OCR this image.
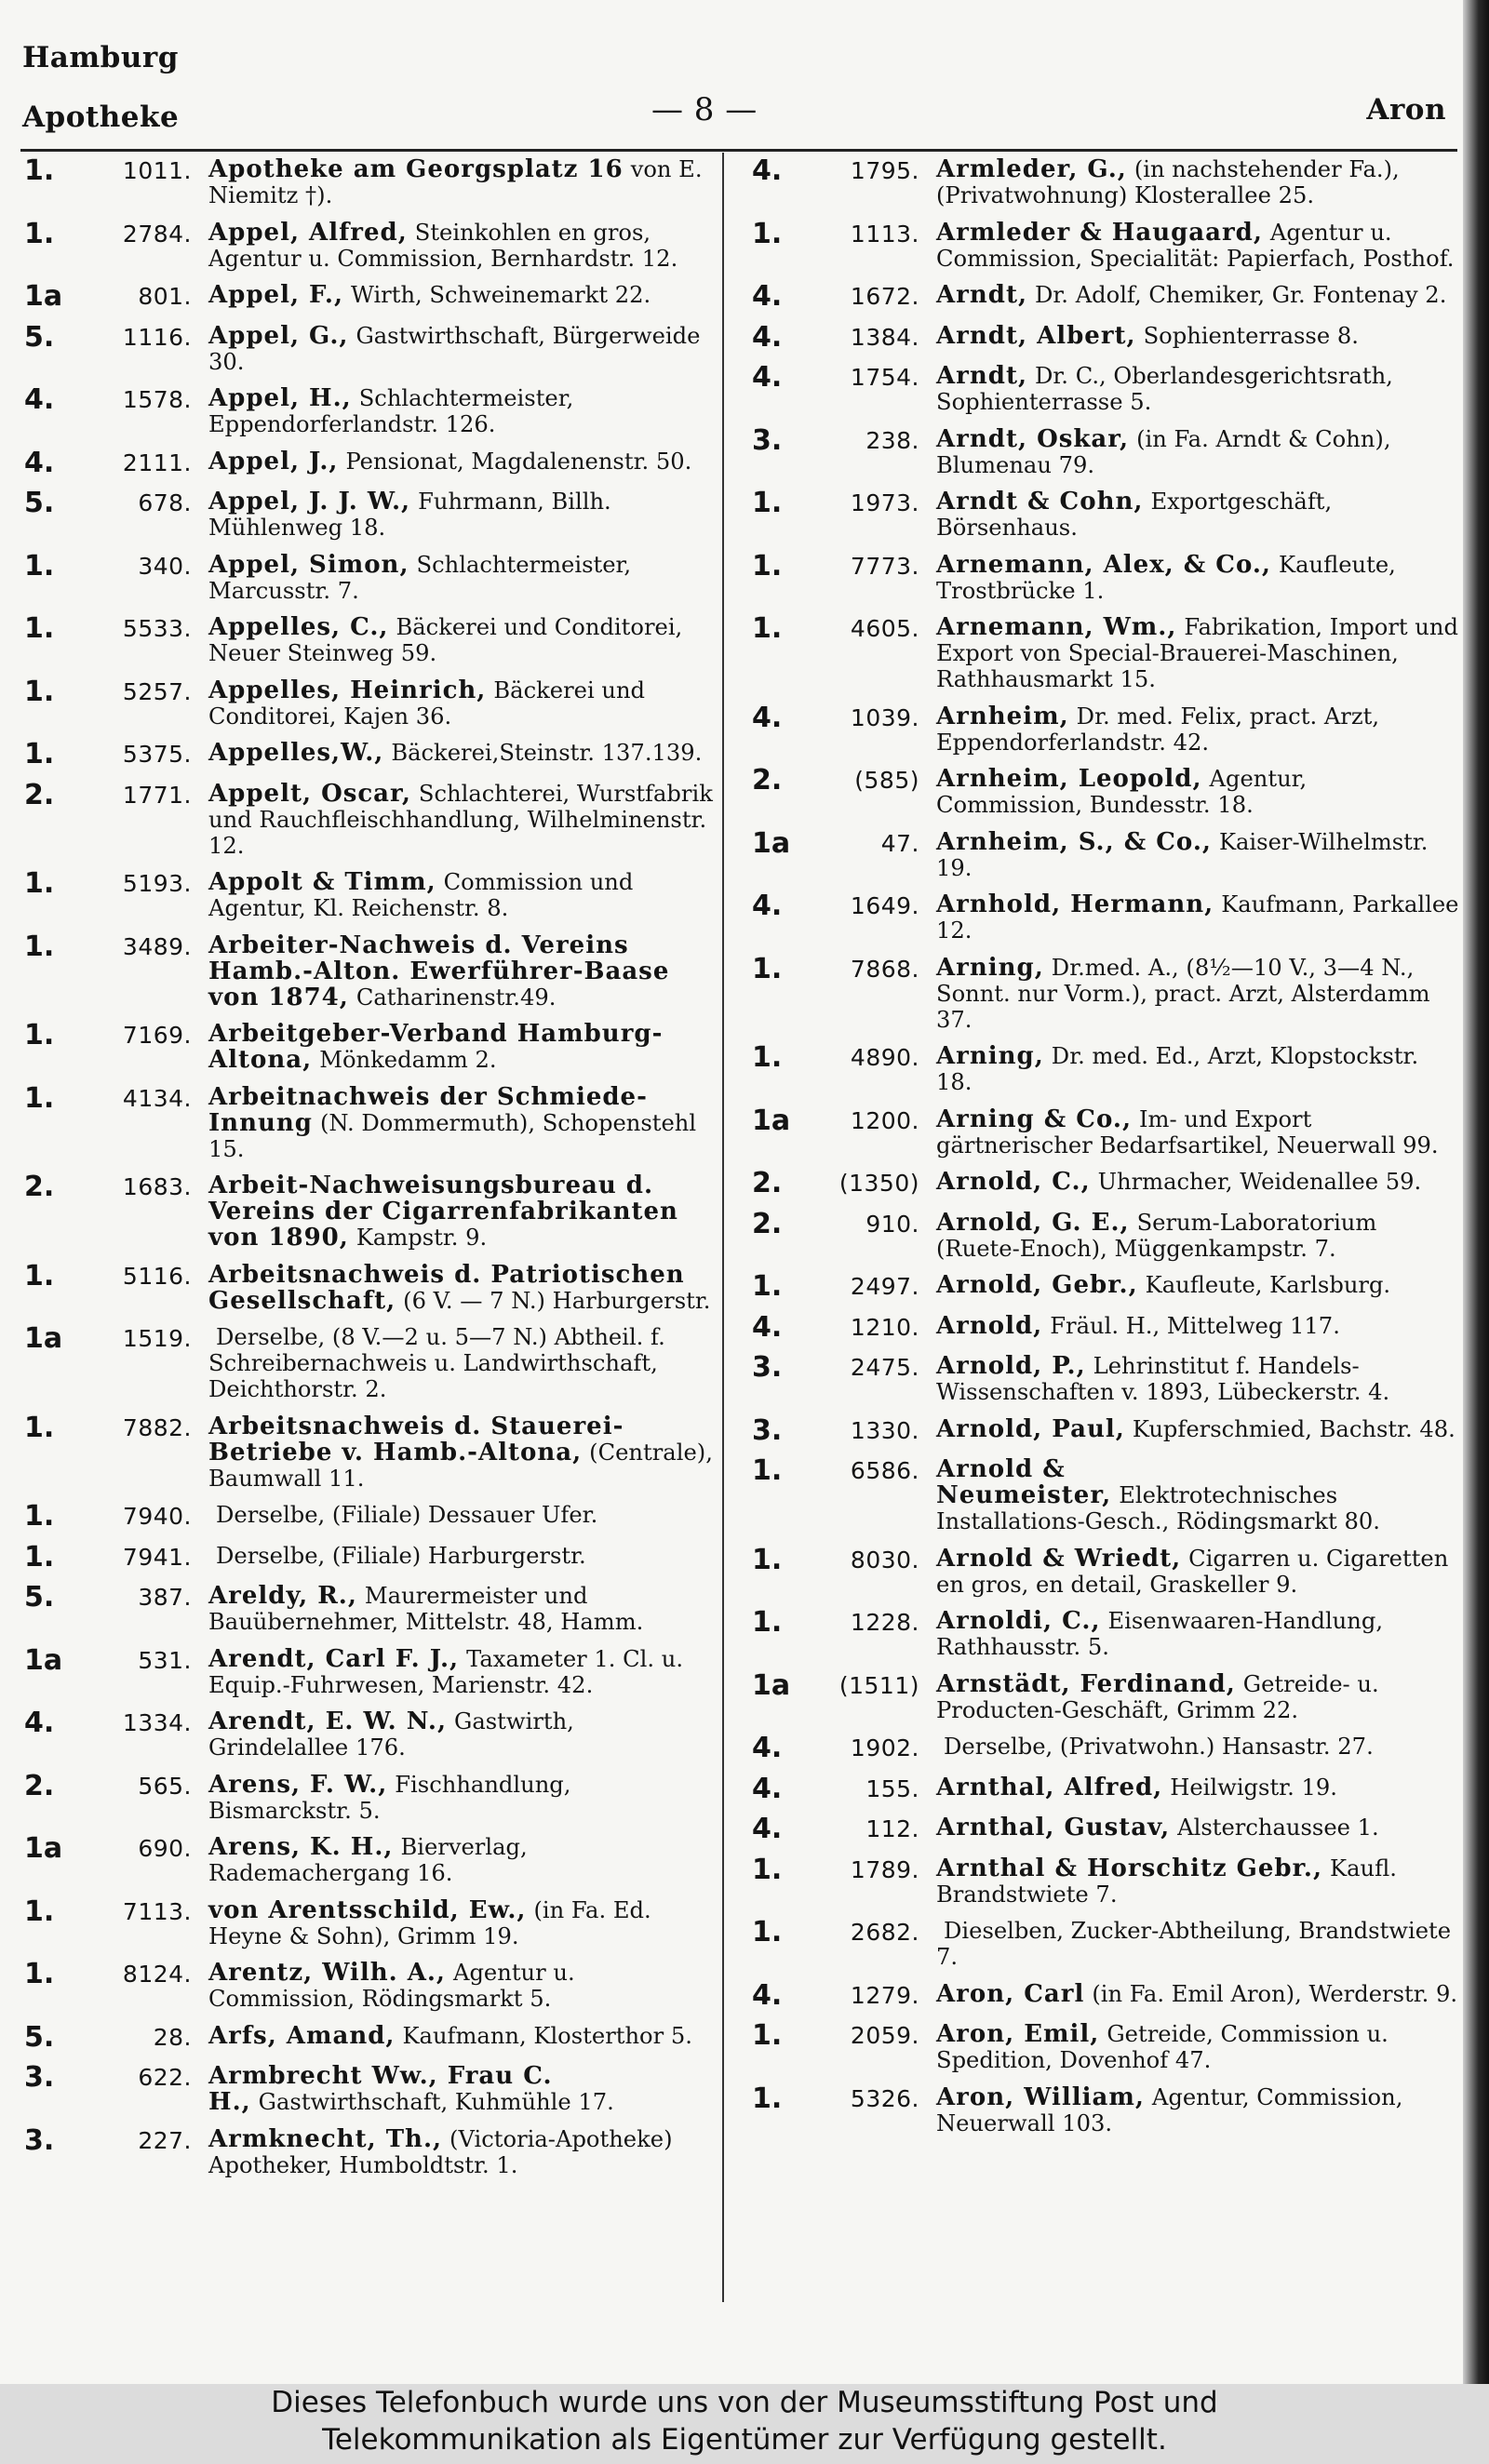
Hamburg
Apotheke	— 8 —	Aron
1.	1011. Apotheke am Georgsplatz 16 von E. Niemitz †).
1.	2784. Appel, Alfred, Steinkohlen en gros, Agentur u. Commission, Bernhardstr. 12.
1a	801. Appel, F., Wirth, Schweinemarkt 22.
5.	1116. Appel, G., Gastwirthschaft, Bürgerweide 30.
4.	1578. Appel, H., Schlachtermeister, Eppendorferlandstr. 126.
4.	2111. Appel, J., Pensionat, Magdalenenstr. 50.
5.	678. Appel, J. J. W., Fuhrmann, Billh. Mühlenweg 18.
1.	340. Appel, Simon, Schlachtermeister, Marcusstr. 7.
1.	5533. Appelles, C., Bäckerei und Conditorei, Neuer Steinweg 59.
1.	5257. Appelles, Heinrich, Bäckerei und Conditorei, Kajen 36.
1.	5375. Appelles,W., Bäckerei,Steinstr. 137.139.
2.	1771. Appelt, Oscar, Schlachterei, Wurstfabrik und Rauchfleischhandlung, Wilhelminenstr. 12.
1.	5193. Appolt & Timm, Commission und Agentur, Kl. Reichenstr. 8.
1.	3489. Arbeiter-Nachweis d. Vereins Hamb.-Alton. Ewerführer-Baase von 1874, Catharinenstr.49.
1.	7169. Arbeitgeber-Verband Hamburg-Altona, Mönkedamm 2.
1.	4134. Arbeitnachweis der Schmiede-Innung (N. Dommermuth), Schopenstehl 15.
2.	1683. Arbeit-Nachweisungsbureau d. Vereins der Cigarrenfabrikanten von 1890, Kampstr. 9.
1.	5116. Arbeitsnachweis d. Patriotischen Gesellschaft, (6 V. — 7 N.) Harburgerstr.
1a	1519.	Derselbe, (8 V.—2 u. 5—7 N.) Abtheil. f. Schreibernachweis u. Landwirthschaft, Deichthorstr. 2.
1.	7882. Arbeitsnachweis d. Stauerei-Betriebe v. Hamb.-Altona, (Centrale), Baumwall 11.
1.	7940.	Derselbe, (Filiale) Dessauer Ufer.
1.	7941.	Derselbe, (Filiale) Harburgerstr.
5.	387. Areldy, R., Maurermeister und Bauübernehmer, Mittelstr. 48, Hamm.
1a	531. Arendt, Carl F. J., Taxameter 1. Cl. u. Equip.-Fuhrwesen, Marienstr. 42.
4.	1334. Arendt, E. W. N., Gastwirth, Grindelallee 176.
2.	565. Arens, F. W., Fischhandlung, Bismarckstr. 5.
1a	690. Arens, K. H., Bierverlag, Rademachergang 16.
1.	7113. von Arentsschild, Ew., (in Fa. Ed. Heyne & Sohn), Grimm 19.
1.	8124. Arentz, Wilh. A., Agentur u. Commission, Rödingsmarkt 5.
5.	28. Arfs, Amand, Kaufmann, Klosterthor 5.
3.	622. Armbrecht Ww., Frau C. H., Gastwirthschaft, Kuhmühle 17.
3.	227. Armknecht, Th., (Victoria-Apotheke) Apotheker, Humboldtstr. 1.
4.	1795. Armleder, G., (in nachstehender Fa.), (Privatwohnung) Klosterallee 25.
1.	1113. Armleder & Haugaard, Agentur u. Commission, Specialität: Papierfach, Posthof.
4.	1672. Arndt, Dr. Adolf, Chemiker, Gr. Fontenay 2.
4.	1384. Arndt, Albert, Sophienterrasse 8.
4.	1754. Arndt, Dr. C., Oberlandesgerichtsrath, Sophienterrasse 5.
3.	238. Arndt, Oskar, (in Fa. Arndt & Cohn), Blumenau 79.
1.	1973. Arndt & Cohn, Exportgeschäft, Börsenhaus.
1.	7773. Arnemann, Alex, & Co., Kaufleute, Trostbrücke 1.
1.	4605. Arnemann, Wm., Fabrikation, Import und Export von Special-Brauerei-Maschinen, Rathhausmarkt 15.
4.	1039. Arnheim, Dr. med. Felix, pract. Arzt, Eppendorferlandstr. 42.
2.	(585) Arnheim, Leopold, Agentur, Commission, Bundesstr. 18.
1a	47. Arnheim, S., & Co., Kaiser-Wilhelmstr. 19.
4.	1649. Arnhold, Hermann, Kaufmann, Parkallee 12.
1.	7868. Arning, Dr.med. A., (8½—10 V., 3—4 N., Sonnt. nur Vorm.), pract. Arzt, Alsterdamm 37.
1.	4890. Arning, Dr. med. Ed., Arzt, Klopstockstr. 18.
1a	1200. Arning & Co., Im- und Export gärtnerischer Bedarfsartikel, Neuerwall 99.
2.	(1350) Arnold, C., Uhrmacher, Weidenallee 59.
2.	910. Arnold, G. E., Serum-Laboratorium (Ruete-Enoch), Müggenkampstr. 7.
1.	2497. Arnold, Gebr., Kaufleute, Karlsburg.
4.	1210. Arnold, Fräul. H., Mittelweg 117.
3.	2475. Arnold, P., Lehrinstitut f. Handels-Wissenschaften v. 1893, Lübeckerstr. 4.
3.	1330. Arnold, Paul, Kupferschmied, Bachstr. 48.
1.	6586. Arnold & Neumeister, Elektrotechnisches Installations-Gesch., Rödingsmarkt 80.
1.	8030. Arnold & Wriedt, Cigarren u. Cigaretten en gros, en detail, Graskeller 9.
1.	1228. Arnoldi, C., Eisenwaaren-Handlung, Rathhausstr. 5.
1a	(1511) Arnstädt, Ferdinand, Getreide- u. Producten-Geschäft, Grimm 22.
4.	1902.	Derselbe, (Privatwohn.) Hansastr. 27.
4.	155. Arnthal, Alfred, Heilwigstr. 19.
4.	112. Arnthal, Gustav, Alsterchaussee 1.
1.	1789. Arnthal & Horschitz Gebr., Kaufl. Brandstwiete 7.
1.	2682.	Dieselben, Zucker-Abtheilung, Brandstwiete 7.
4.	1279. Aron, Carl (in Fa. Emil Aron), Werderstr. 9.
1.	2059. Aron, Emil, Getreide, Commission u. Spedition, Dovenhof 47.
1.	5326. Aron, William, Agentur, Commission, Neuerwall 103.
Dieses Telefonbuch wurde uns von der Museumsstiftung Post und
Telekommunikation als Eigentümer zur Verfügung gestellt.
